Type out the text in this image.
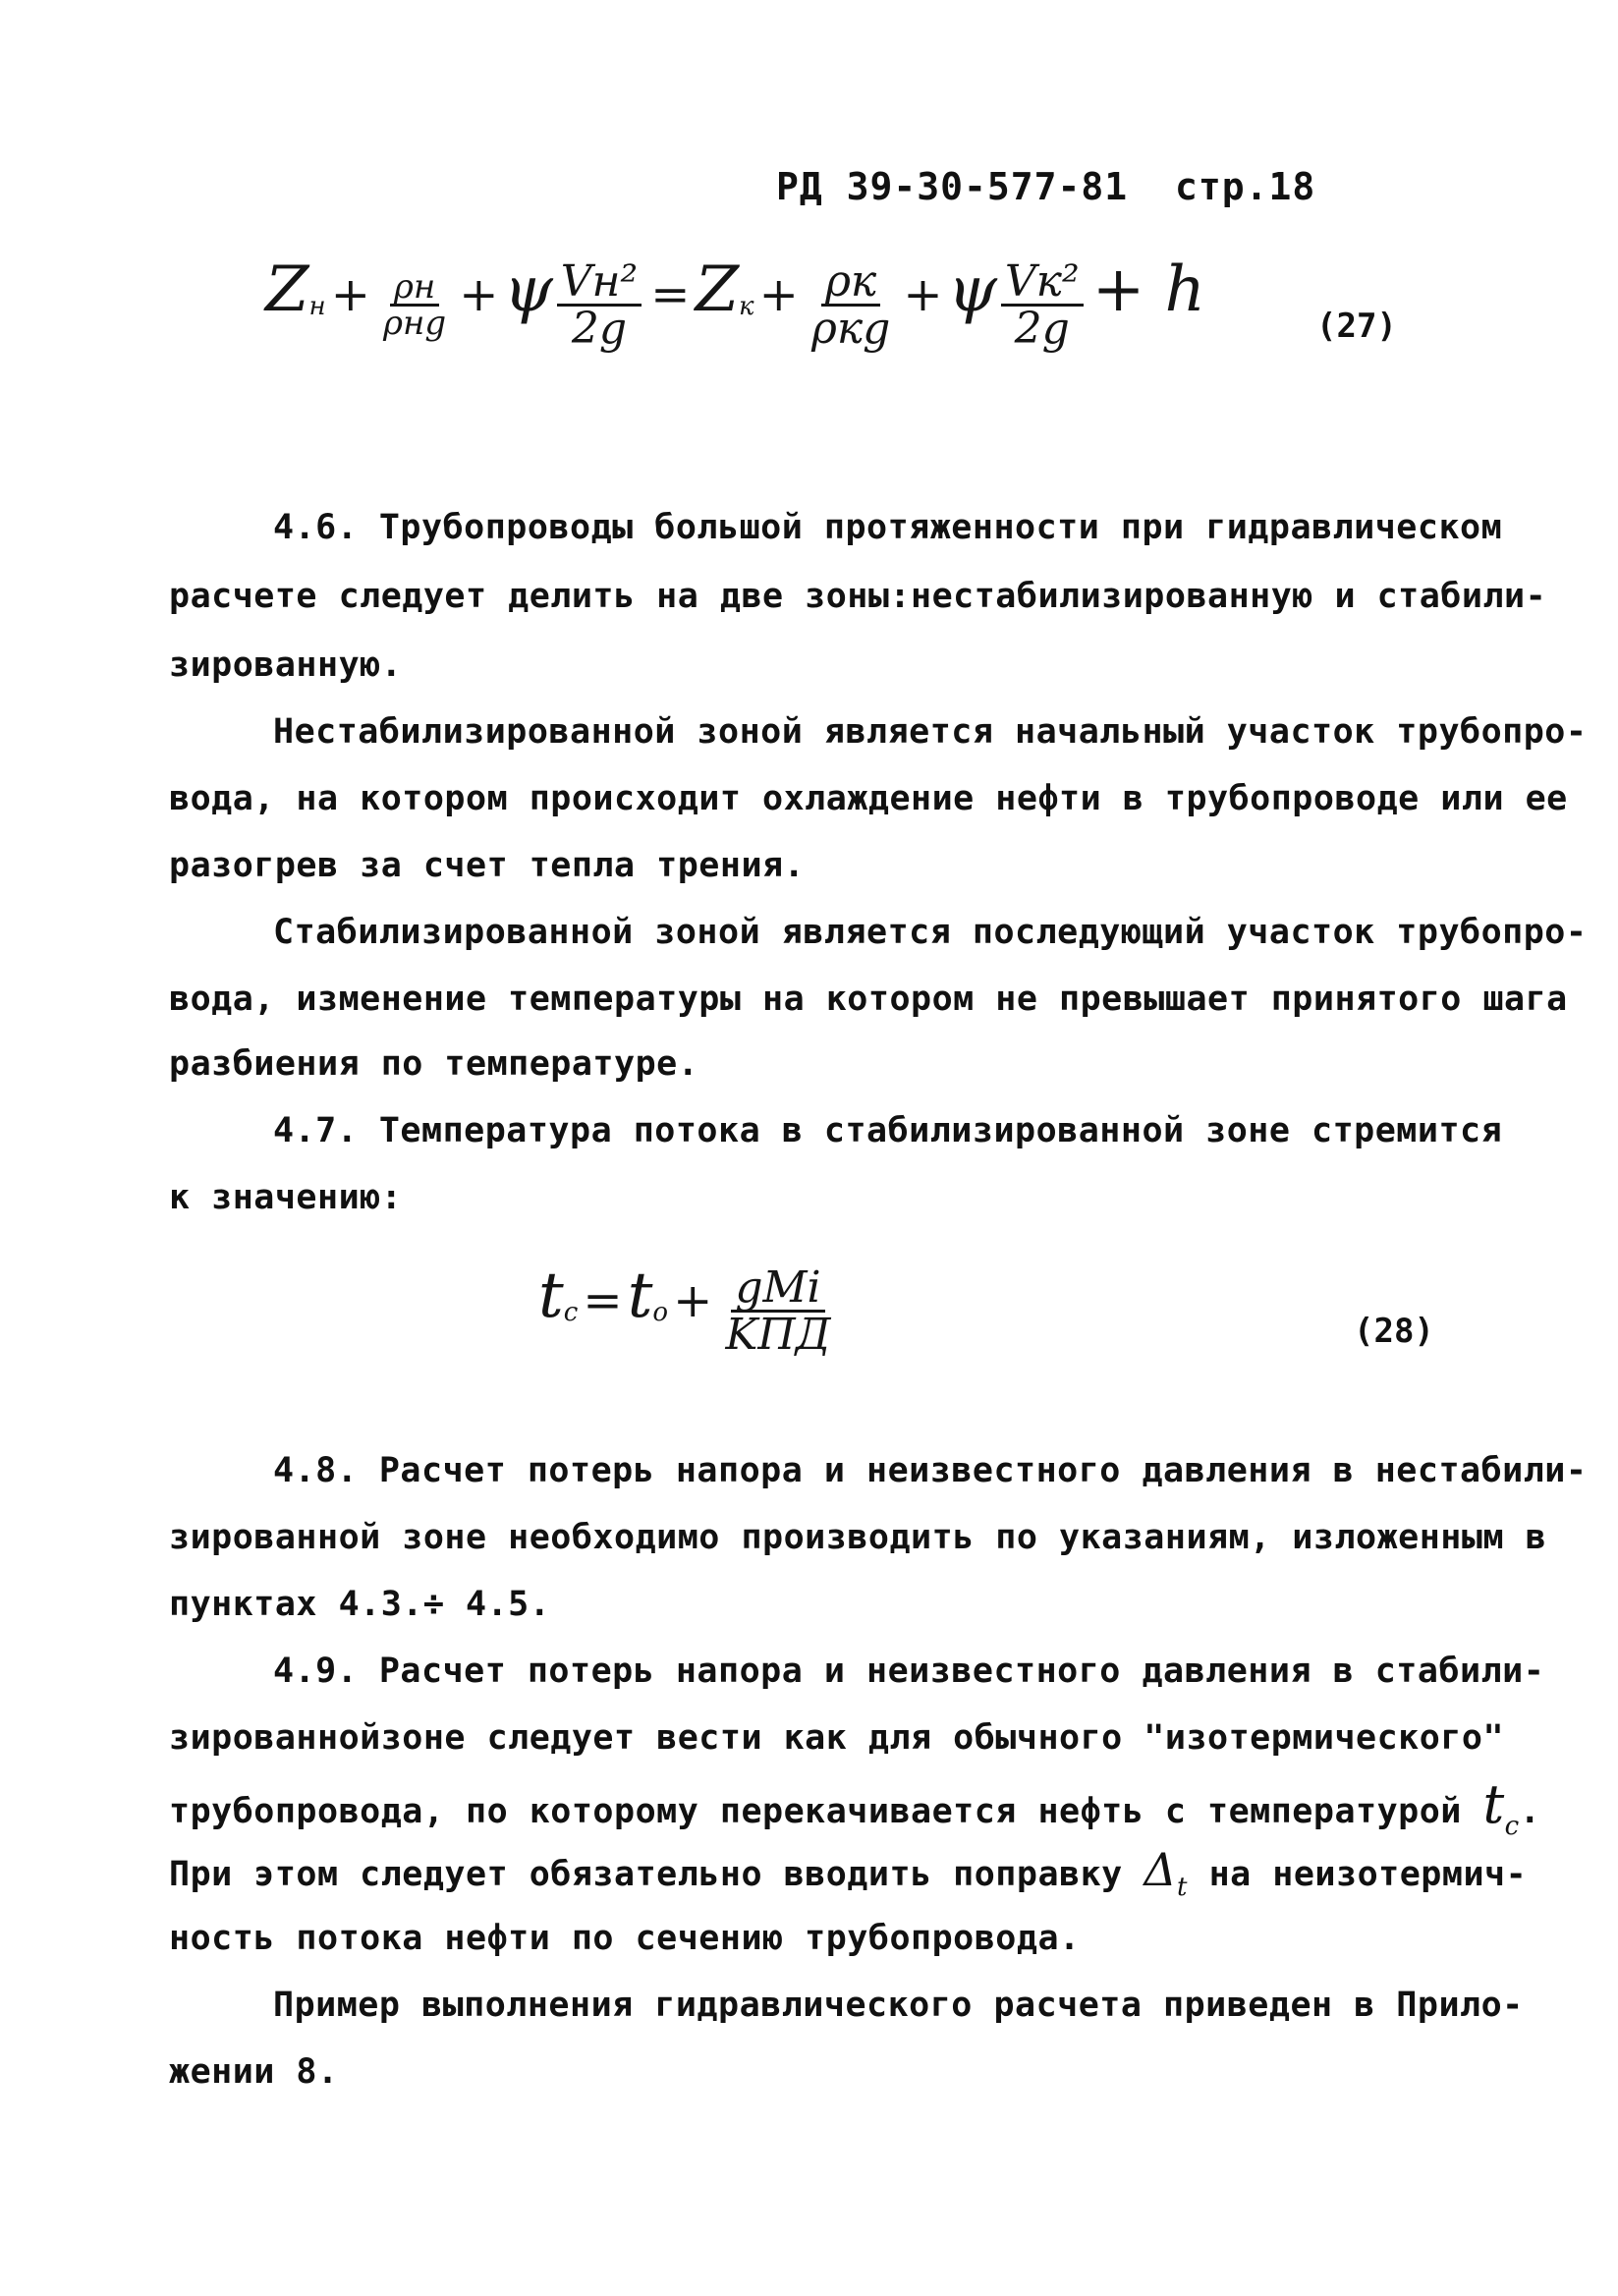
РД 39-30-577-81 стр.18
$Z_н + \frac{\rho н}{\text{ρнg}} + \psi \frac{\text{Vн²}}{2g} = Z_к + \frac{\rho к}{\text{ρкg}} + \psi \frac{\text{Vк²}}{2g} + h$	(27)
4.6. Трубопроводы большой протяженности при гидравлическом
расчете следует делить на две зоны:нестабилизированную и стабили-
зированную.
Нестабилизированной зоной является начальный участок трубопро-
вода, на котором происходит охлаждение нефти в трубопроводе или ее
разогрев за счет тепла трения.
Стабилизированной зоной является последующий участок трубопро-
вода, изменение температуры на котором не превышает принятого шага
разбиения по температуре.
4.7. Температура потока в стабилизированной зоне стремится
к значению:
$t_c = t_o + \frac{\text{gMi}}{\text{KПД}}$	(28)
4.8. Расчет потерь напора и неизвестного давления в нестабили-
зированной зоне необходимо производить по указаниям, изложенным в
пунктах 4.3.÷ 4.5.
4.9. Расчет потерь напора и неизвестного давления в стабили-
зированнойзоне следует вести как для обычного "изотермического"
трубопровода, по которому перекачивается нефть с температурой $t_c$.
При этом следует обязательно вводить поправку $\Delta_t$ на неизотермич-
ность потока нефти по сечению трубопровода.
Пример выполнения гидравлического расчета приведен в Прило-
жении 8.
